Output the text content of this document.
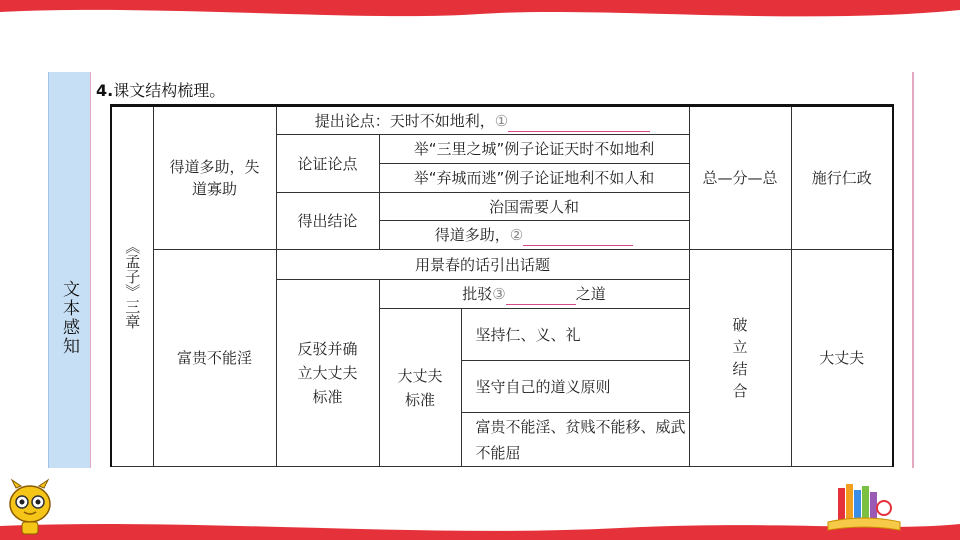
文本感知
4.课文结构梳理。
《孟子》三章	得道多助，失道寡助	提出论点：天时不如地利，①			总—分—总	施行仁政
		论证论点	举“三里之城”例子论证天时不如地利			
			举“弃城而逃”例子论证地利不如人和			
		得出结论	治国需要人和			
			得道多助，②			
	富贵不能淫	用景春的话引出话题			破立结合	大丈夫
		反驳并确立大丈夫标准	批驳③ 之道			
			大丈夫标准	坚持仁、义、礼		
				坚守自己的道义原则		
				富贵不能淫、贫贱不能移、威武不能屈		
